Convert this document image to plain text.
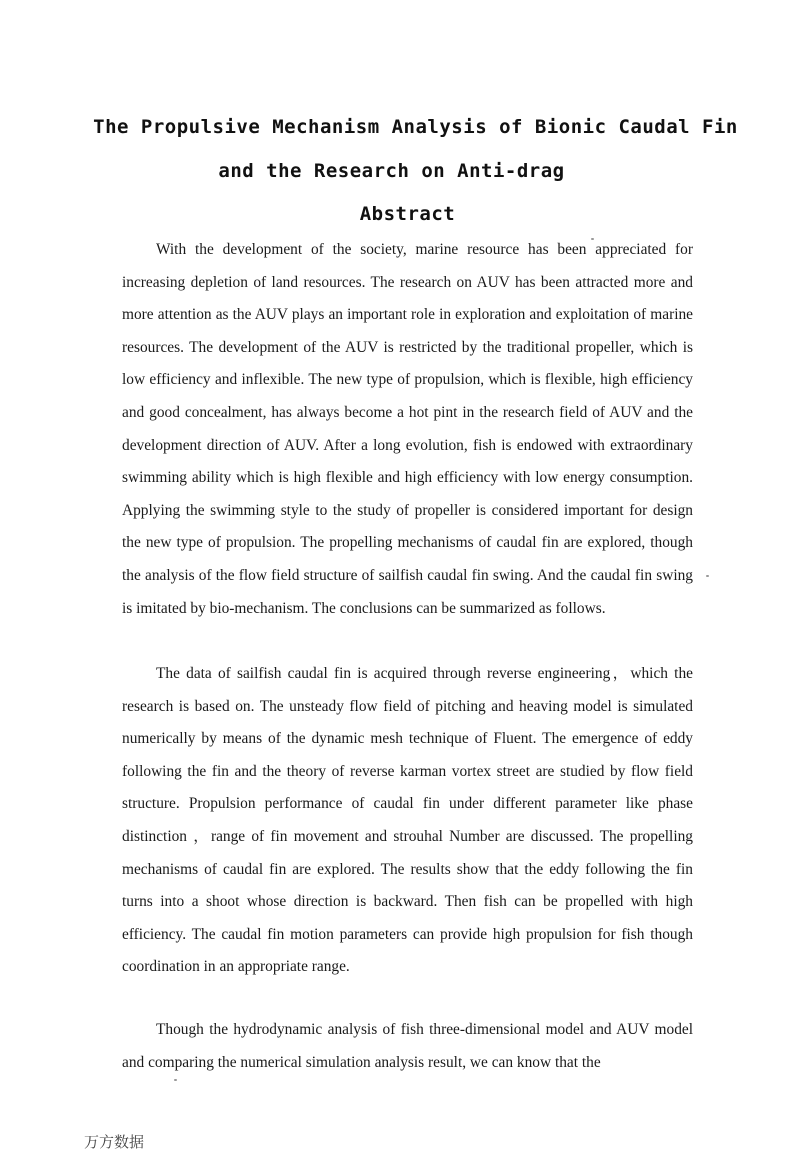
The Propulsive Mechanism Analysis of Bionic Caudal Fin
and the Research on Anti-drag
Abstract

With the development of the society, marine resource has been appreciated for increasing depletion of land resources. The research on AUV has been attracted more and more attention as the AUV plays an important role in exploration and exploitation of marine resources. The development of the AUV is restricted by the traditional propeller, which is low efficiency and inflexible. The new type of propulsion, which is flexible, high efficiency and good concealment, has always become a hot pint in the research field of AUV and the development direction of AUV. After a long evolution, fish is endowed with extraordinary swimming ability which is high flexible and high efficiency with low energy consumption. Applying the swimming style to the study of propeller is considered important for design the new type of propulsion. The propelling mechanisms of caudal fin are explored, though the analysis of the flow field structure of sailfish caudal fin swing. And the caudal fin swing is imitated by bio-mechanism. The conclusions can be summarized as follows.

The data of sailfish caudal fin is acquired through reverse engineering，which the research is based on. The unsteady flow field of pitching and heaving model is simulated numerically by means of the dynamic mesh technique of Fluent. The emergence of eddy following the fin and the theory of reverse karman vortex street are studied by flow field structure. Propulsion performance of caudal fin under different parameter like phase distinction ，range of fin movement and strouhal Number are discussed. The propelling mechanisms of caudal fin are explored. The results show that the eddy following the fin turns into a shoot whose direction is backward. Then fish can be propelled with high efficiency. The caudal fin motion parameters can provide high propulsion for fish though coordination in an appropriate range.

Though the hydrodynamic analysis of fish three-dimensional model and AUV model and comparing the numerical simulation analysis result, we can know that the

万方数据
